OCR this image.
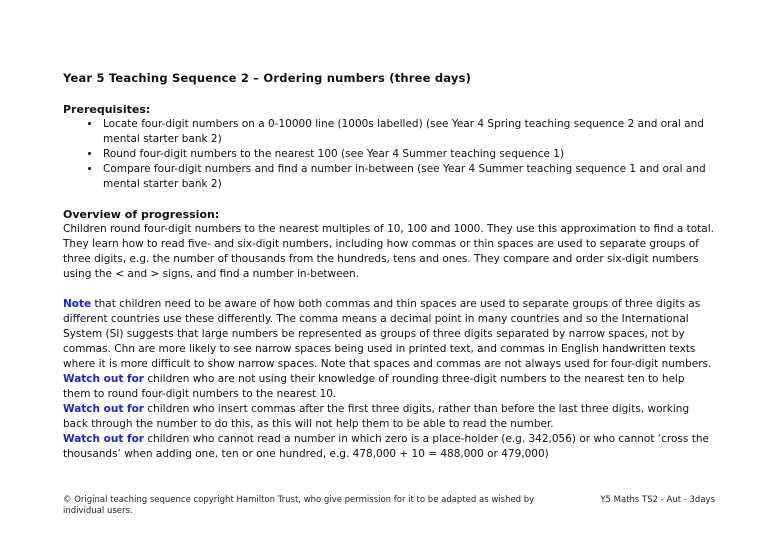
Year 5 Teaching Sequence 2 – Ordering numbers (three days)
Prerequisites:
• Locate four-digit numbers on a 0-10000 line (1000s labelled) (see Year 4 Spring teaching sequence 2 and oral and mental starter bank 2)
• Round four-digit numbers to the nearest 100 (see Year 4 Summer teaching sequence 1)
• Compare four-digit numbers and find a number in-between (see Year 4 Summer teaching sequence 1 and oral and mental starter bank 2)
Overview of progression:

Children round four-digit numbers to the nearest multiples of 10, 100 and 1000. They use this approximation to find a total. They learn how to read five- and six-digit numbers, including how commas or thin spaces are used to separate groups of three digits, e.g. the number of thousands from the hundreds, tens and ones. They compare and order six-digit numbers using the < and > signs, and find a number in-between.

Note that children need to be aware of how both commas and thin spaces are used to separate groups of three digits as different countries use these differently. The comma means a decimal point in many countries and so the International System (SI) suggests that large numbers be represented as groups of three digits separated by narrow spaces, not by commas. Chn are more likely to see narrow spaces being used in printed text, and commas in English handwritten texts where it is more difficult to show narrow spaces. Note that spaces and commas are not always used for four-digit numbers.

Watch out for children who are not using their knowledge of rounding three-digit numbers to the nearest ten to help them to round four-digit numbers to the nearest 10.

Watch out for children who insert commas after the first three digits, rather than before the last three digits, working back through the number to do this, as this will not help them to be able to read the number.

Watch out for children who cannot read a number in which zero is a place-holder (e.g. 342,056) or who cannot ‘cross the thousands’ when adding one, ten or one hundred, e.g. 478,000 + 10 = 488,000 or 479,000)

© Original teaching sequence copyright Hamilton Trust, who give permission for it to be adapted as wished by individual users.
Y5 Maths TS2 - Aut - 3days
